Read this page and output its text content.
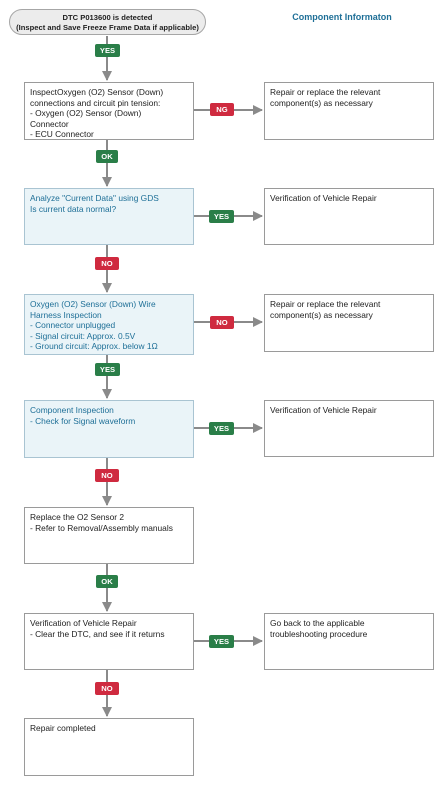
DTC P013600 is detected
(Inspect and Save Freeze Frame Data if applicable)
Component Informaton
InspectOxygen (O2) Sensor (Down)
connections and circuit pin tension:
- Oxygen (O2) Sensor (Down)
Connector
- ECU Connector
Analyze "Current Data" using GDS
Is current data normal?
Oxygen (O2) Sensor (Down) Wire
Harness Inspection
- Connector unplugged
- Signal circuit: Approx. 0.5V
- Ground circuit: Approx. below 1Ω
Component Inspection
- Check for Signal waveform
Replace the O2 Sensor 2
- Refer to Removal/Assembly manuals
Verification of Vehicle Repair
- Clear the DTC, and see if it returns
Repair completed
Repair or replace the relevant
component(s) as necessary
Verification of Vehicle Repair
Repair or replace the relevant
component(s) as necessary
Verification of Vehicle Repair
Go back to the applicable
troubleshooting procedure
YES
OK
NO
YES
NO
OK
NO
NG
YES
NO
YES
YES
